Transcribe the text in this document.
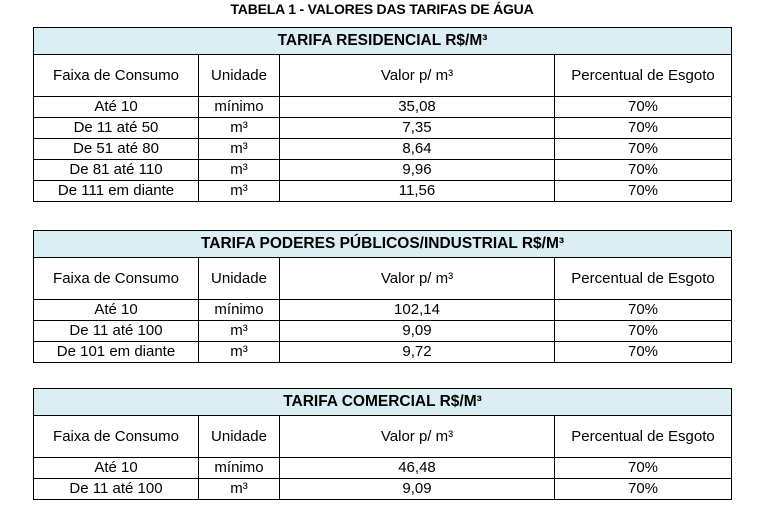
TABELA 1 - VALORES DAS TARIFAS DE ÁGUA
TARIFA RESIDENCIAL R$/M³			
Faixa de Consumo	Unidade	Valor p/ m³	Percentual de Esgoto
Até 10	mínimo	35,08	70%
De 11 até 50	m³	7,35	70%
De 51 até 80	m³	8,64	70%
De 81 até 110	m³	9,96	70%
De 111 em diante	m³	11,56	70%
TARIFA PODERES PÚBLICOS/INDUSTRIAL R$/M³			
Faixa de Consumo	Unidade	Valor p/ m³	Percentual de Esgoto
Até 10	mínimo	102,14	70%
De 11 até 100	m³	9,09	70%
De 101 em diante	m³	9,72	70%
TARIFA COMERCIAL R$/M³			
Faixa de Consumo	Unidade	Valor p/ m³	Percentual de Esgoto
Até 10	mínimo	46,48	70%
De 11 até 100	m³	9,09	70%
